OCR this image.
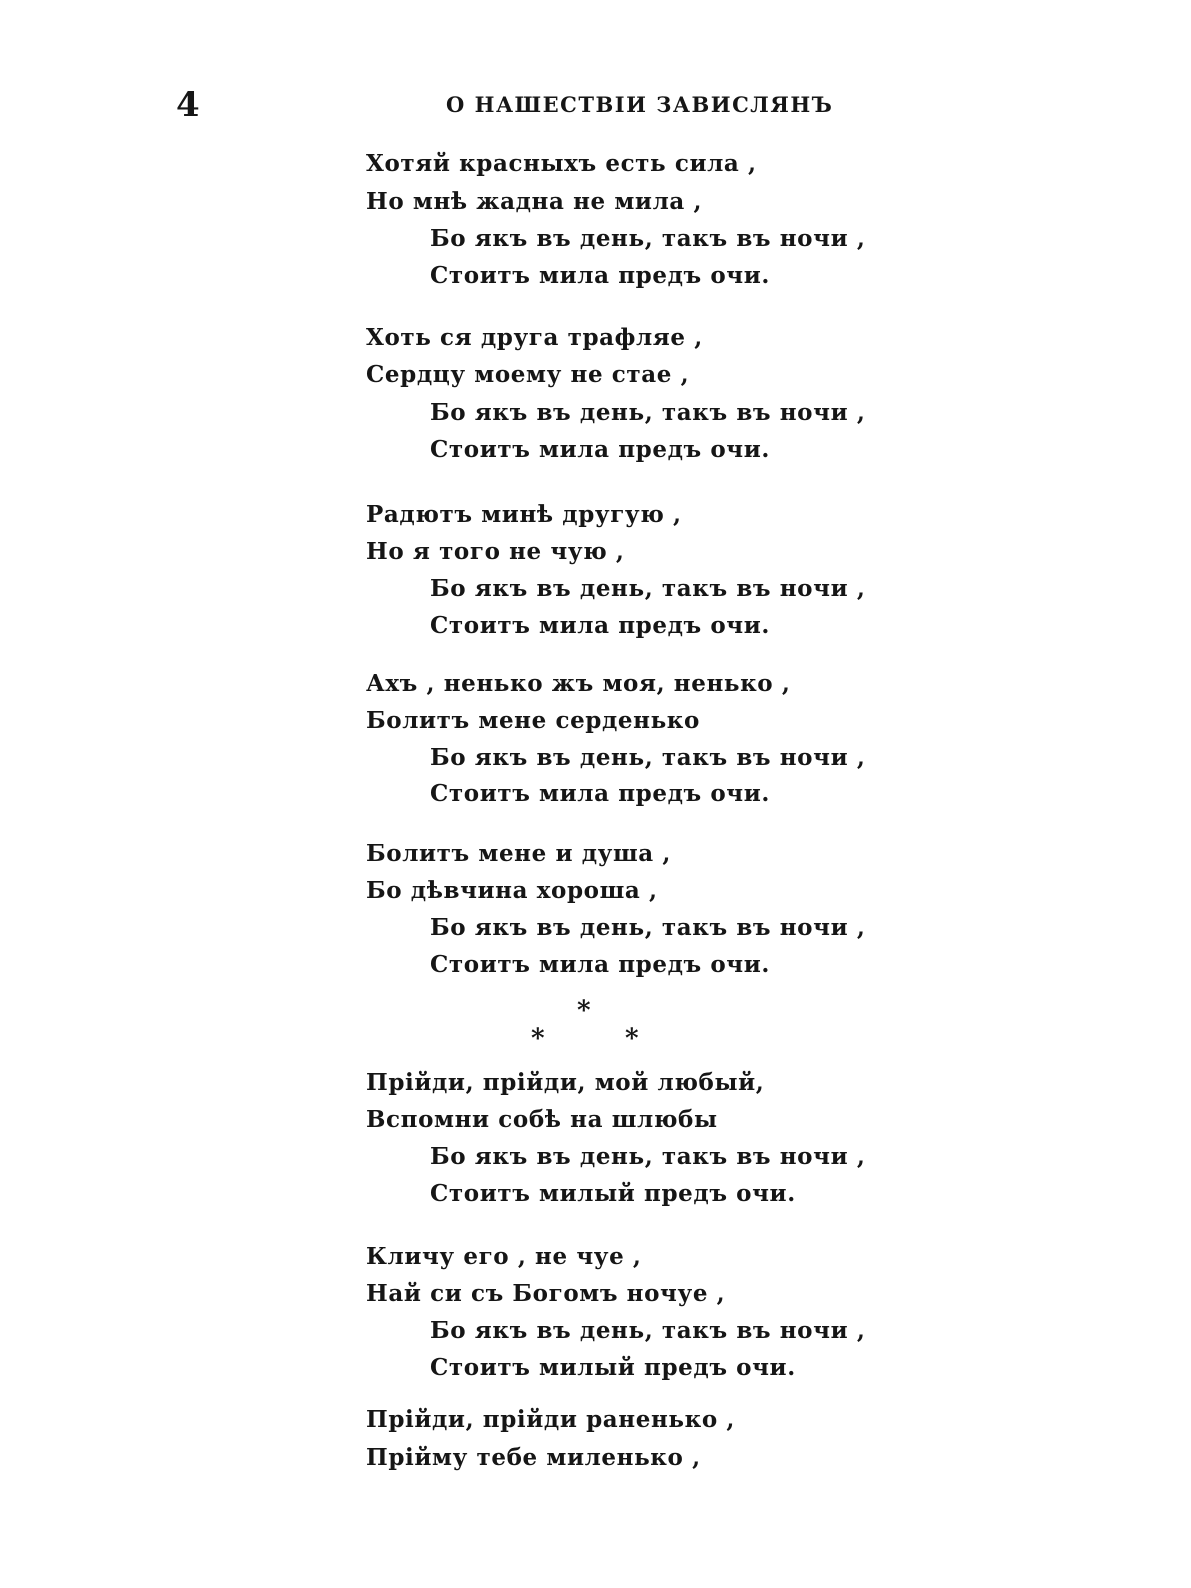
4	О НАШЕСТВІИ ЗАВИСЛЯНЪ
Хотяй красныхъ есть сила ,
Но мнѣ жадна не мила ,
Бо якъ въ день, такъ въ ночи ,
Стоитъ мила предъ очи.
Хоть ся друга трафляе ,
Сердцу моему не стае ,
Бо якъ въ день, такъ въ ночи ,
Стоитъ мила предъ очи.
Радютъ минѣ другую ,
Но я того не чую ,
Бо якъ въ день, такъ въ ночи ,
Стоитъ мила предъ очи.
Ахъ , ненько жъ моя, ненько ,
Болитъ мене серденько
Бо якъ въ день, такъ въ ночи ,
Стоитъ мила предъ очи.
Болитъ мене и душа ,
Бо дѣвчина хороша ,
Бо якъ въ день, такъ въ ночи ,
Стоитъ мила предъ очи.
*
*	*
Прійди, прійди, мой любый,
Вспомни собѣ на шлюбы
Бо якъ въ день, такъ въ ночи ,
Стоитъ милый предъ очи.
Кличу его , не чуе ,
Най си съ Богомъ ночуе ,
Бо якъ въ день, такъ въ ночи ,
Стоитъ милый предъ очи.
Прійди, прійди раненько ,
Прійму тебе миленько ,
